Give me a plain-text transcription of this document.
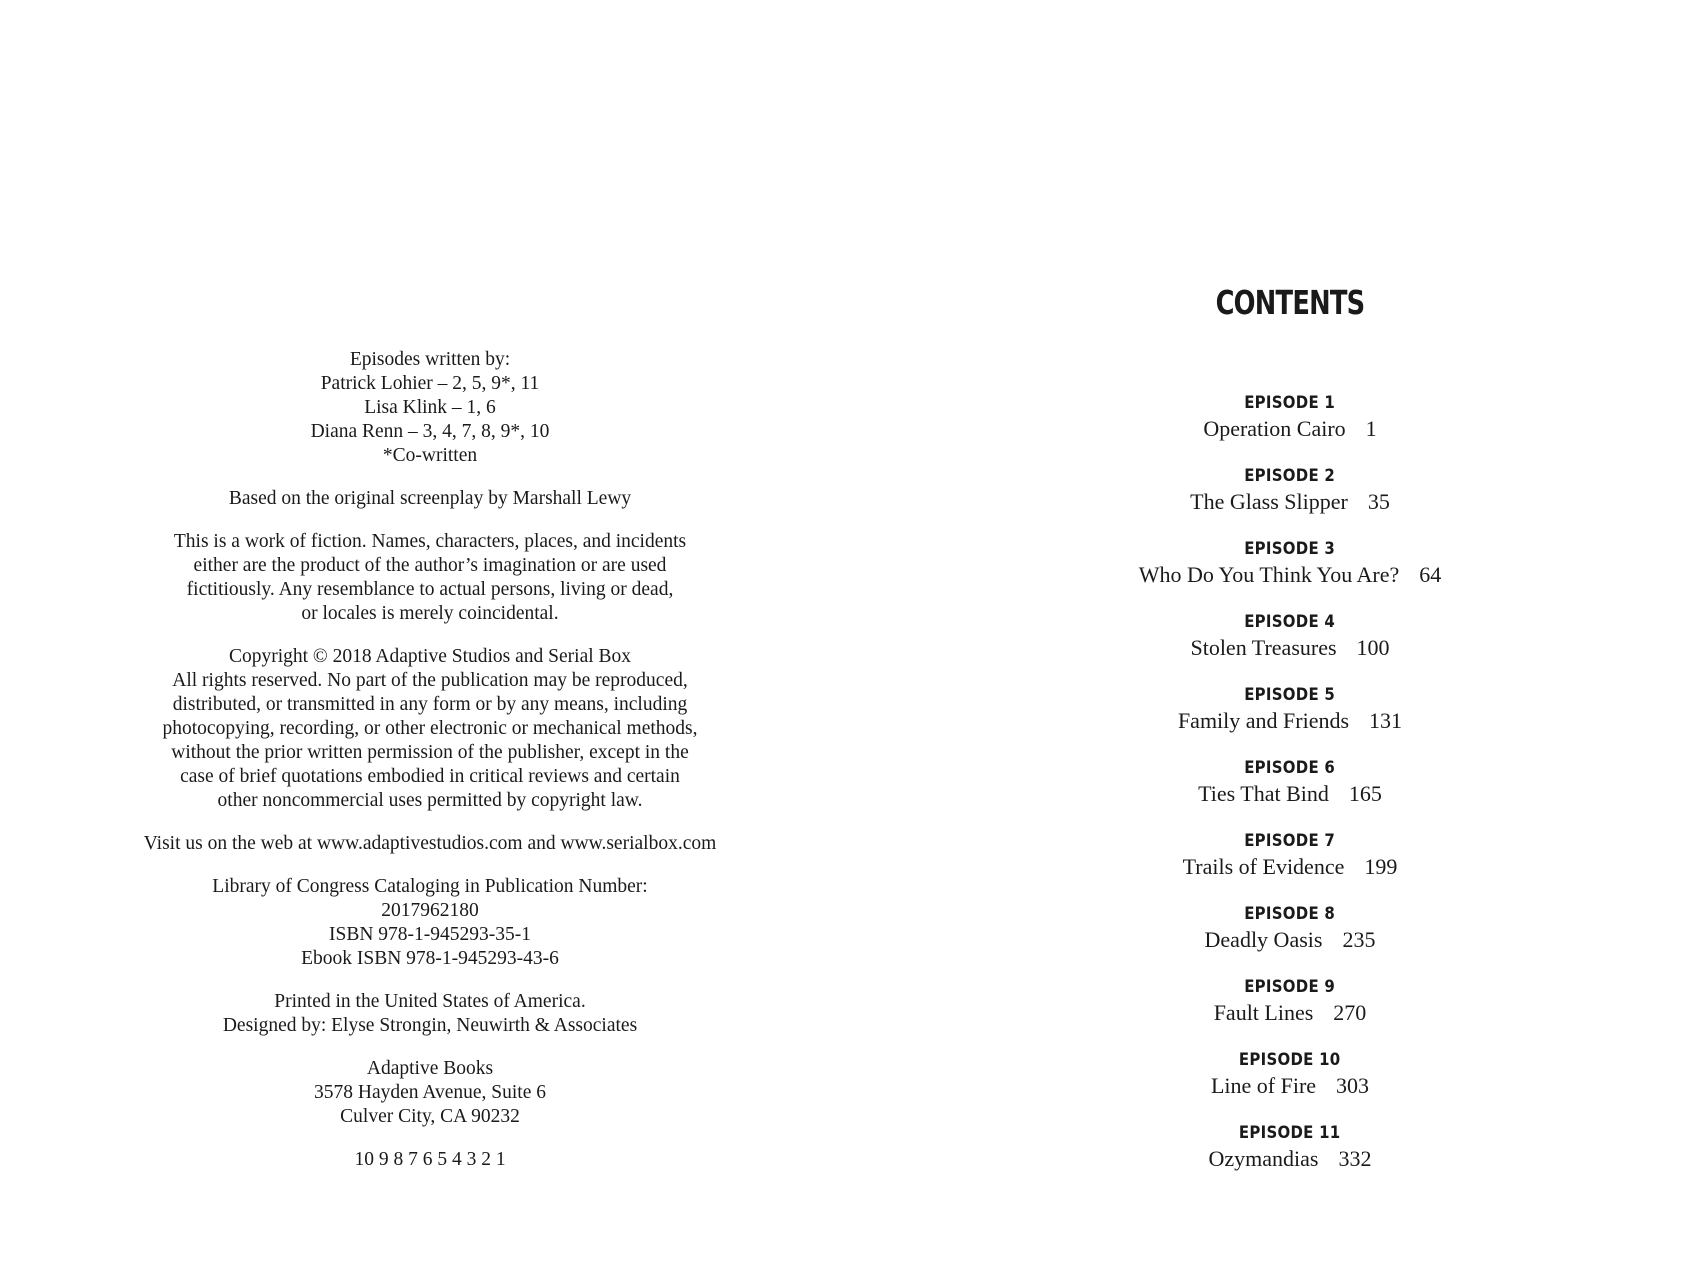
Episodes written by:
Patrick Lohier – 2, 5, 9*, 11
Lisa Klink – 1, 6
Diana Renn – 3, 4, 7, 8, 9*, 10
*Co-written
Based on the original screenplay by Marshall Lewy
This is a work of fiction. Names, characters, places, and incidents
either are the product of the author’s imagination or are used
fictitiously. Any resemblance to actual persons, living or dead,
or locales is merely coincidental.
Copyright © 2018 Adaptive Studios and Serial Box
All rights reserved. No part of the publication may be reproduced,
distributed, or transmitted in any form or by any means, including
photocopying, recording, or other electronic or mechanical methods,
without the prior written permission of the publisher, except in the
case of brief quotations embodied in critical reviews and certain
other noncommercial uses permitted by copyright law.
Visit us on the web at www.adaptivestudios.com and www.serialbox.com
Library of Congress Cataloging in Publication Number:
2017962180
ISBN 978-1-945293-35-1
Ebook ISBN 978-1-945293-43-6
Printed in the United States of America.
Designed by: Elyse Strongin, Neuwirth & Associates
Adaptive Books
3578 Hayden Avenue, Suite 6
Culver City, CA 90232
10 9 8 7 6 5 4 3 2 1
CONTENTS
EPISODE 1
Operation Cairo 1
EPISODE 2
The Glass Slipper 35
EPISODE 3
Who Do You Think You Are? 64
EPISODE 4
Stolen Treasures 100
EPISODE 5
Family and Friends 131
EPISODE 6
Ties That Bind 165
EPISODE 7
Trails of Evidence 199
EPISODE 8
Deadly Oasis 235
EPISODE 9
Fault Lines 270
EPISODE 10
Line of Fire 303
EPISODE 11
Ozymandias 332
